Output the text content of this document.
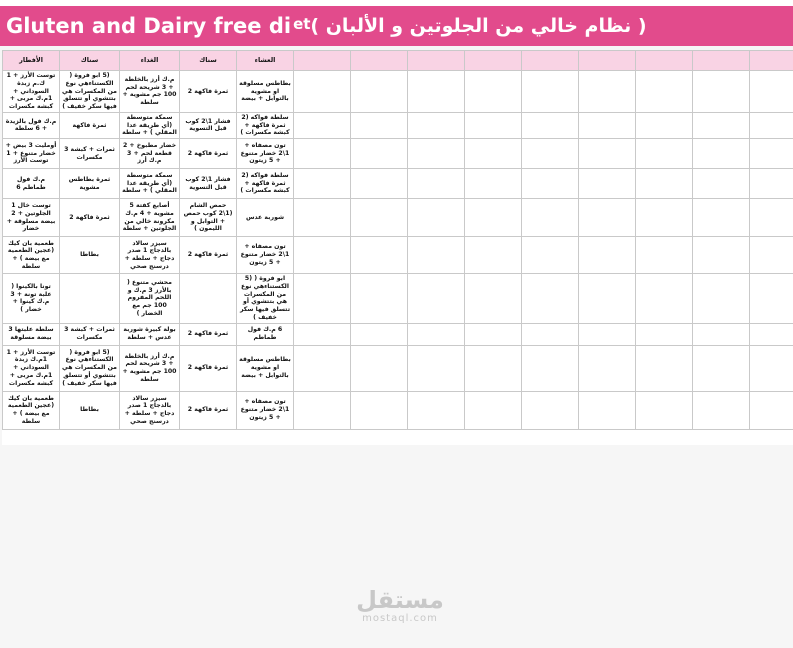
Gluten and Dairy free di $^{et}$ ( نظام خالي من الجلوتين و الألبان )
الأفطار	سناك	الغداء	سناك	العشاء									
توست الأرز + 1 ك.م زبدة السوداني + 1م.ك مربى + كبشة مكسرات	(5 ابو فروة ( الكستناءهي نوع من المكسرات هي بتتشوي أو تتسلق فيها سكر خفيف )	م.ك أرز بالخلطة + 3 شريحة لحم 100 جم مشوية + سلطة	ثمرة فاكهة 2	بطاطس مسلوقة او مشوية بالتوابل + بيضة									
م.ك فول بالزيدة + 6 سلطة	ثمرة فاكهة	سمكة متوسطة (أي طريقة عدا المقلي ) + سلطة	فشار 1\2 كوب قبل التسوية	سلطة فواكه (2 ثمرة فاكهة + كبشة مكسرات )									
أومليت 3 بيض + خضار متنوع + 1 توست الأرز	ثمرات + كبشة 3 مكسرات	خضار مطبوخ + 2 قطعة لحم + 3 م.ك أرز	ثمرة فاكهة 2	تون مصفاه + 1\2 خضار متنوع + 5 زيتون									
م.ك فول طماطم 6	ثمرة بطاطس مشوية	سمكة متوسطة (أي طريقة عدا المقلي ) + سلطة	فشار 1\2 كوب قبل التسوية	سلطة فواكه (2 ثمرة فاكهة + كبشة مكسرات )									
توست خال 1 الجلوتين + 2 بيضة مسلوقة + خضار	ثمرة فاكهة 2	أصابع كفتة 5 مشوية + 4 م.ك مكرونة خالي من الجلوتين + سلطة	حمص الشام (1\2 كوب حمص + التوابل و الليمون )	شوربة عدس									
طعمية بان كيك (عجين الطعمية مع بيضة ) + سلطة	بطاطا	سيزر سالاد بالدجاج 1 صدر دجاج + سلطة + درسنج صحي	ثمرة فاكهة 2	تون مصفاه + 1\2 خضار متنوع + 5 زيتون									
تونا بالكينوا ( علبة تونة + 3 م.ك كينوا + خضار )		محشي متنوع ( بالأرز 3 م.ك و اللحم المفروم 100 جم مع الخضار )		ابو فروة ( (5 الكستناءهي نوع من المكسرات هي بتتشوي أو تتسلق فيها سكر خفيف )									
سلطة علبتها 3 بيضة مسلوقة	ثمرات + كبشة 3 مكسرات	بولة كبيرة شوربة عدس + سلطة	ثمرة فاكهة 2	6 م.ك فول طماطم									
توست الأرز + 1 1م.ك زبدة السوداني + 1م.ك مربى + كبشة مكسرات	(5 ابو فروة ( الكستناءهي نوع من المكسرات هي بتتشوي أو تتسلق فيها سكر خفيف )	م.ك أرز بالخلطة + 3 شريحة لحم 100 جم مشوية + سلطة	ثمرة فاكهة 2	بطاطس مسلوقة او مشوية بالتوابل + بيضة									
طعمية بان كيك (عجين الطعمية مع بيضة ) + سلطة	بطاطا	سيزر سالاد بالدجاج 1 صدر دجاج + سلطة + درسنج صحي	ثمرة فاكهة 2	تون مصفاه + 1\2 خضار متنوع + 5 زيتون									
مستقل
mostaql.com
